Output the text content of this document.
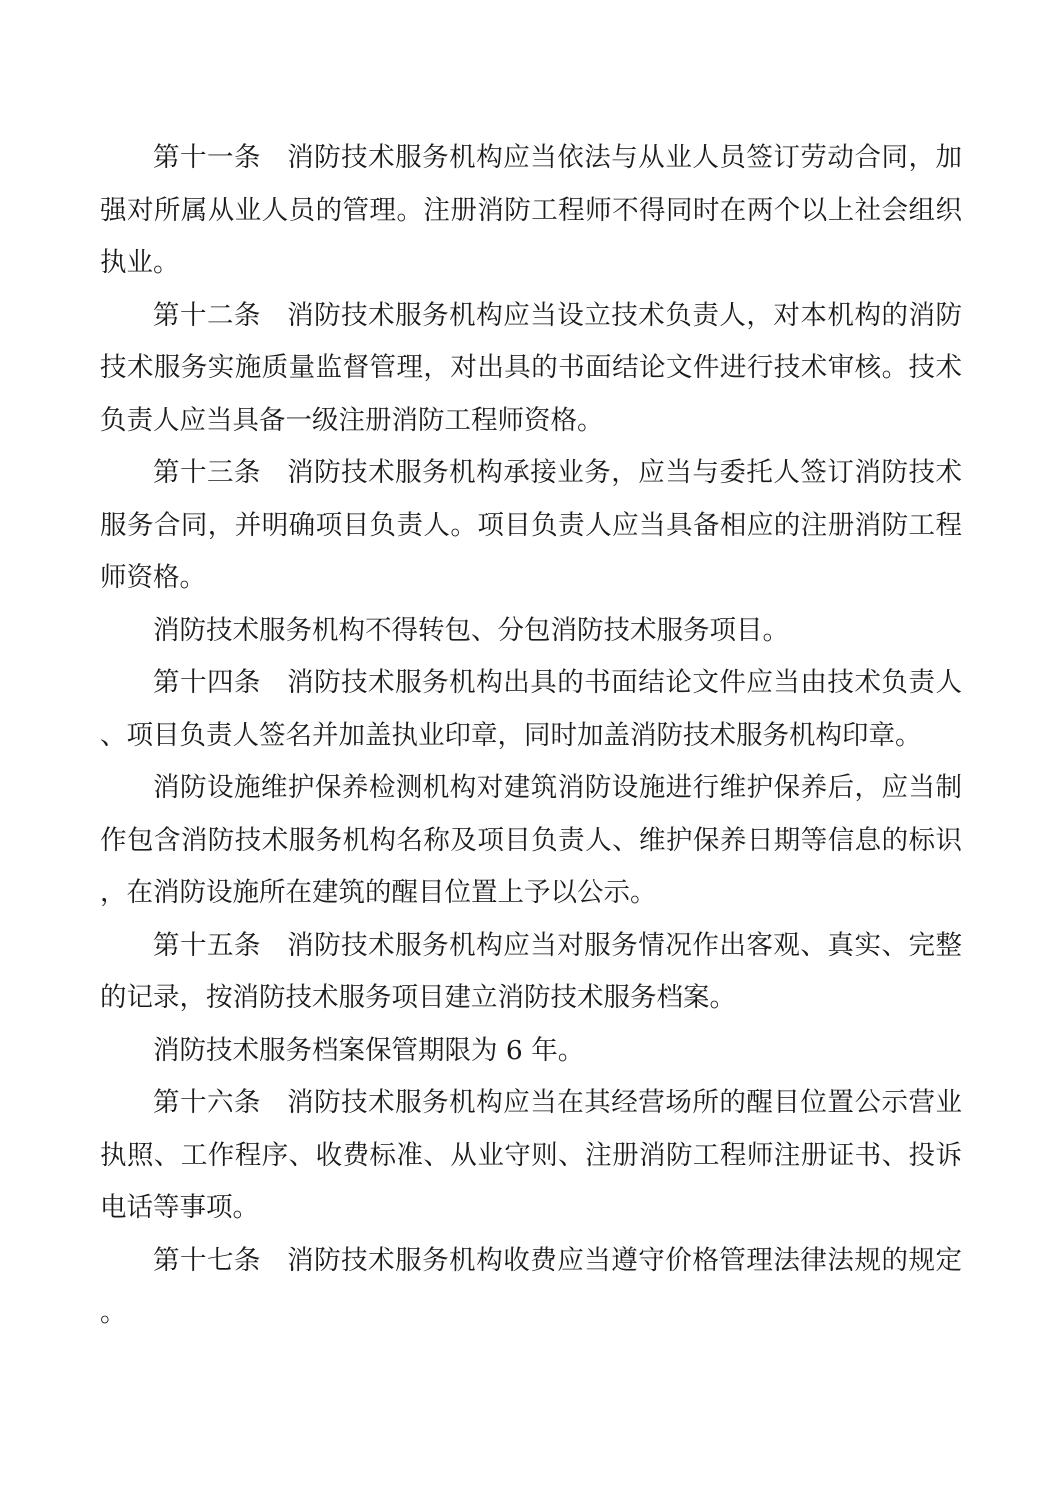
第十一条 消防技术服务机构应当依法与从业人员签订劳动合同，加强对所属从业人员的管理。注册消防工程师不得同时在两个以上社会组织执业。

第十二条 消防技术服务机构应当设立技术负责人，对本机构的消防技术服务实施质量监督管理，对出具的书面结论文件进行技术审核。技术负责人应当具备一级注册消防工程师资格。

第十三条 消防技术服务机构承接业务，应当与委托人签订消防技术服务合同，并明确项目负责人。项目负责人应当具备相应的注册消防工程师资格。

消防技术服务机构不得转包、分包消防技术服务项目。

第十四条 消防技术服务机构出具的书面结论文件应当由技术负责人、项目负责人签名并加盖执业印章，同时加盖消防技术服务机构印章。

消防设施维护保养检测机构对建筑消防设施进行维护保养后，应当制作包含消防技术服务机构名称及项目负责人、维护保养日期等信息的标识，在消防设施所在建筑的醒目位置上予以公示。

第十五条 消防技术服务机构应当对服务情况作出客观、真实、完整的记录，按消防技术服务项目建立消防技术服务档案。

消防技术服务档案保管期限为 6 年。

第十六条 消防技术服务机构应当在其经营场所的醒目位置公示营业执照、工作程序、收费标准、从业守则、注册消防工程师注册证书、投诉电话等事项。

第十七条 消防技术服务机构收费应当遵守价格管理法律法规的规定。
